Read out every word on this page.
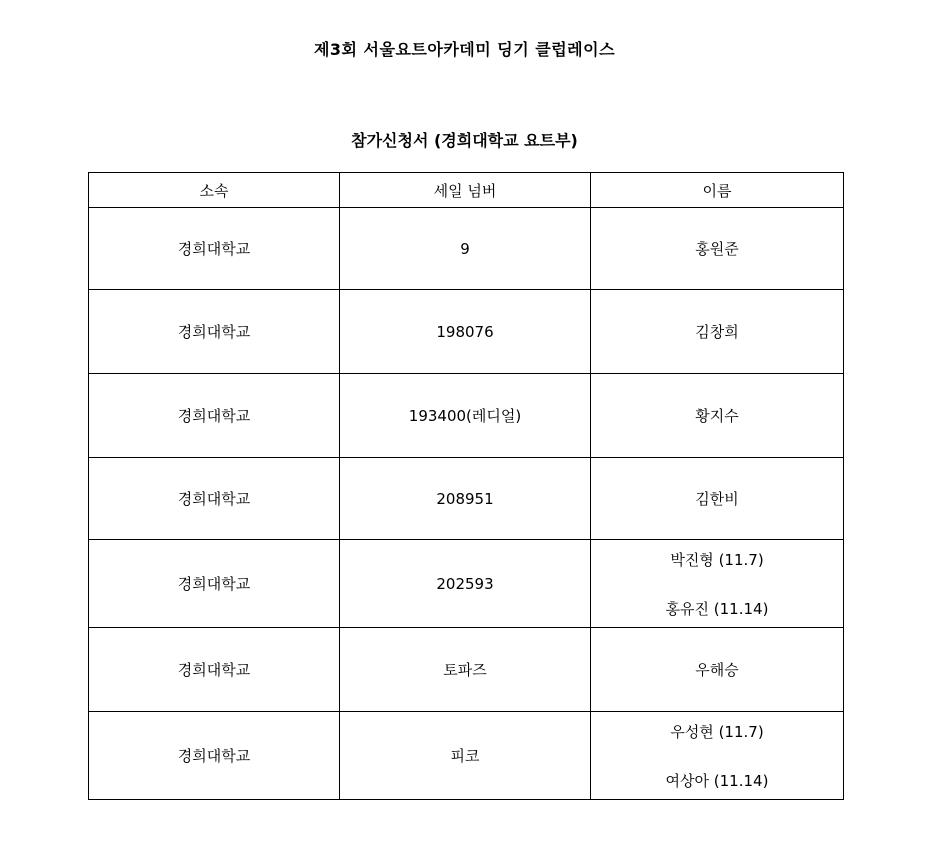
제3회 서울요트아카데미 딩기 클럽레이스
참가신청서 (경희대학교 요트부)
소속	세일 넘버	이름
경희대학교	9	홍원준
경희대학교	198076	김창희
경희대학교	193400(레디얼)	황지수
경희대학교	208951	김한비
경희대학교	202593	박진형 (11.7)
홍유진 (11.14)

경희대학교	토파즈	우해승
경희대학교	피코	우성현 (11.7)
여상아 (11.14)
